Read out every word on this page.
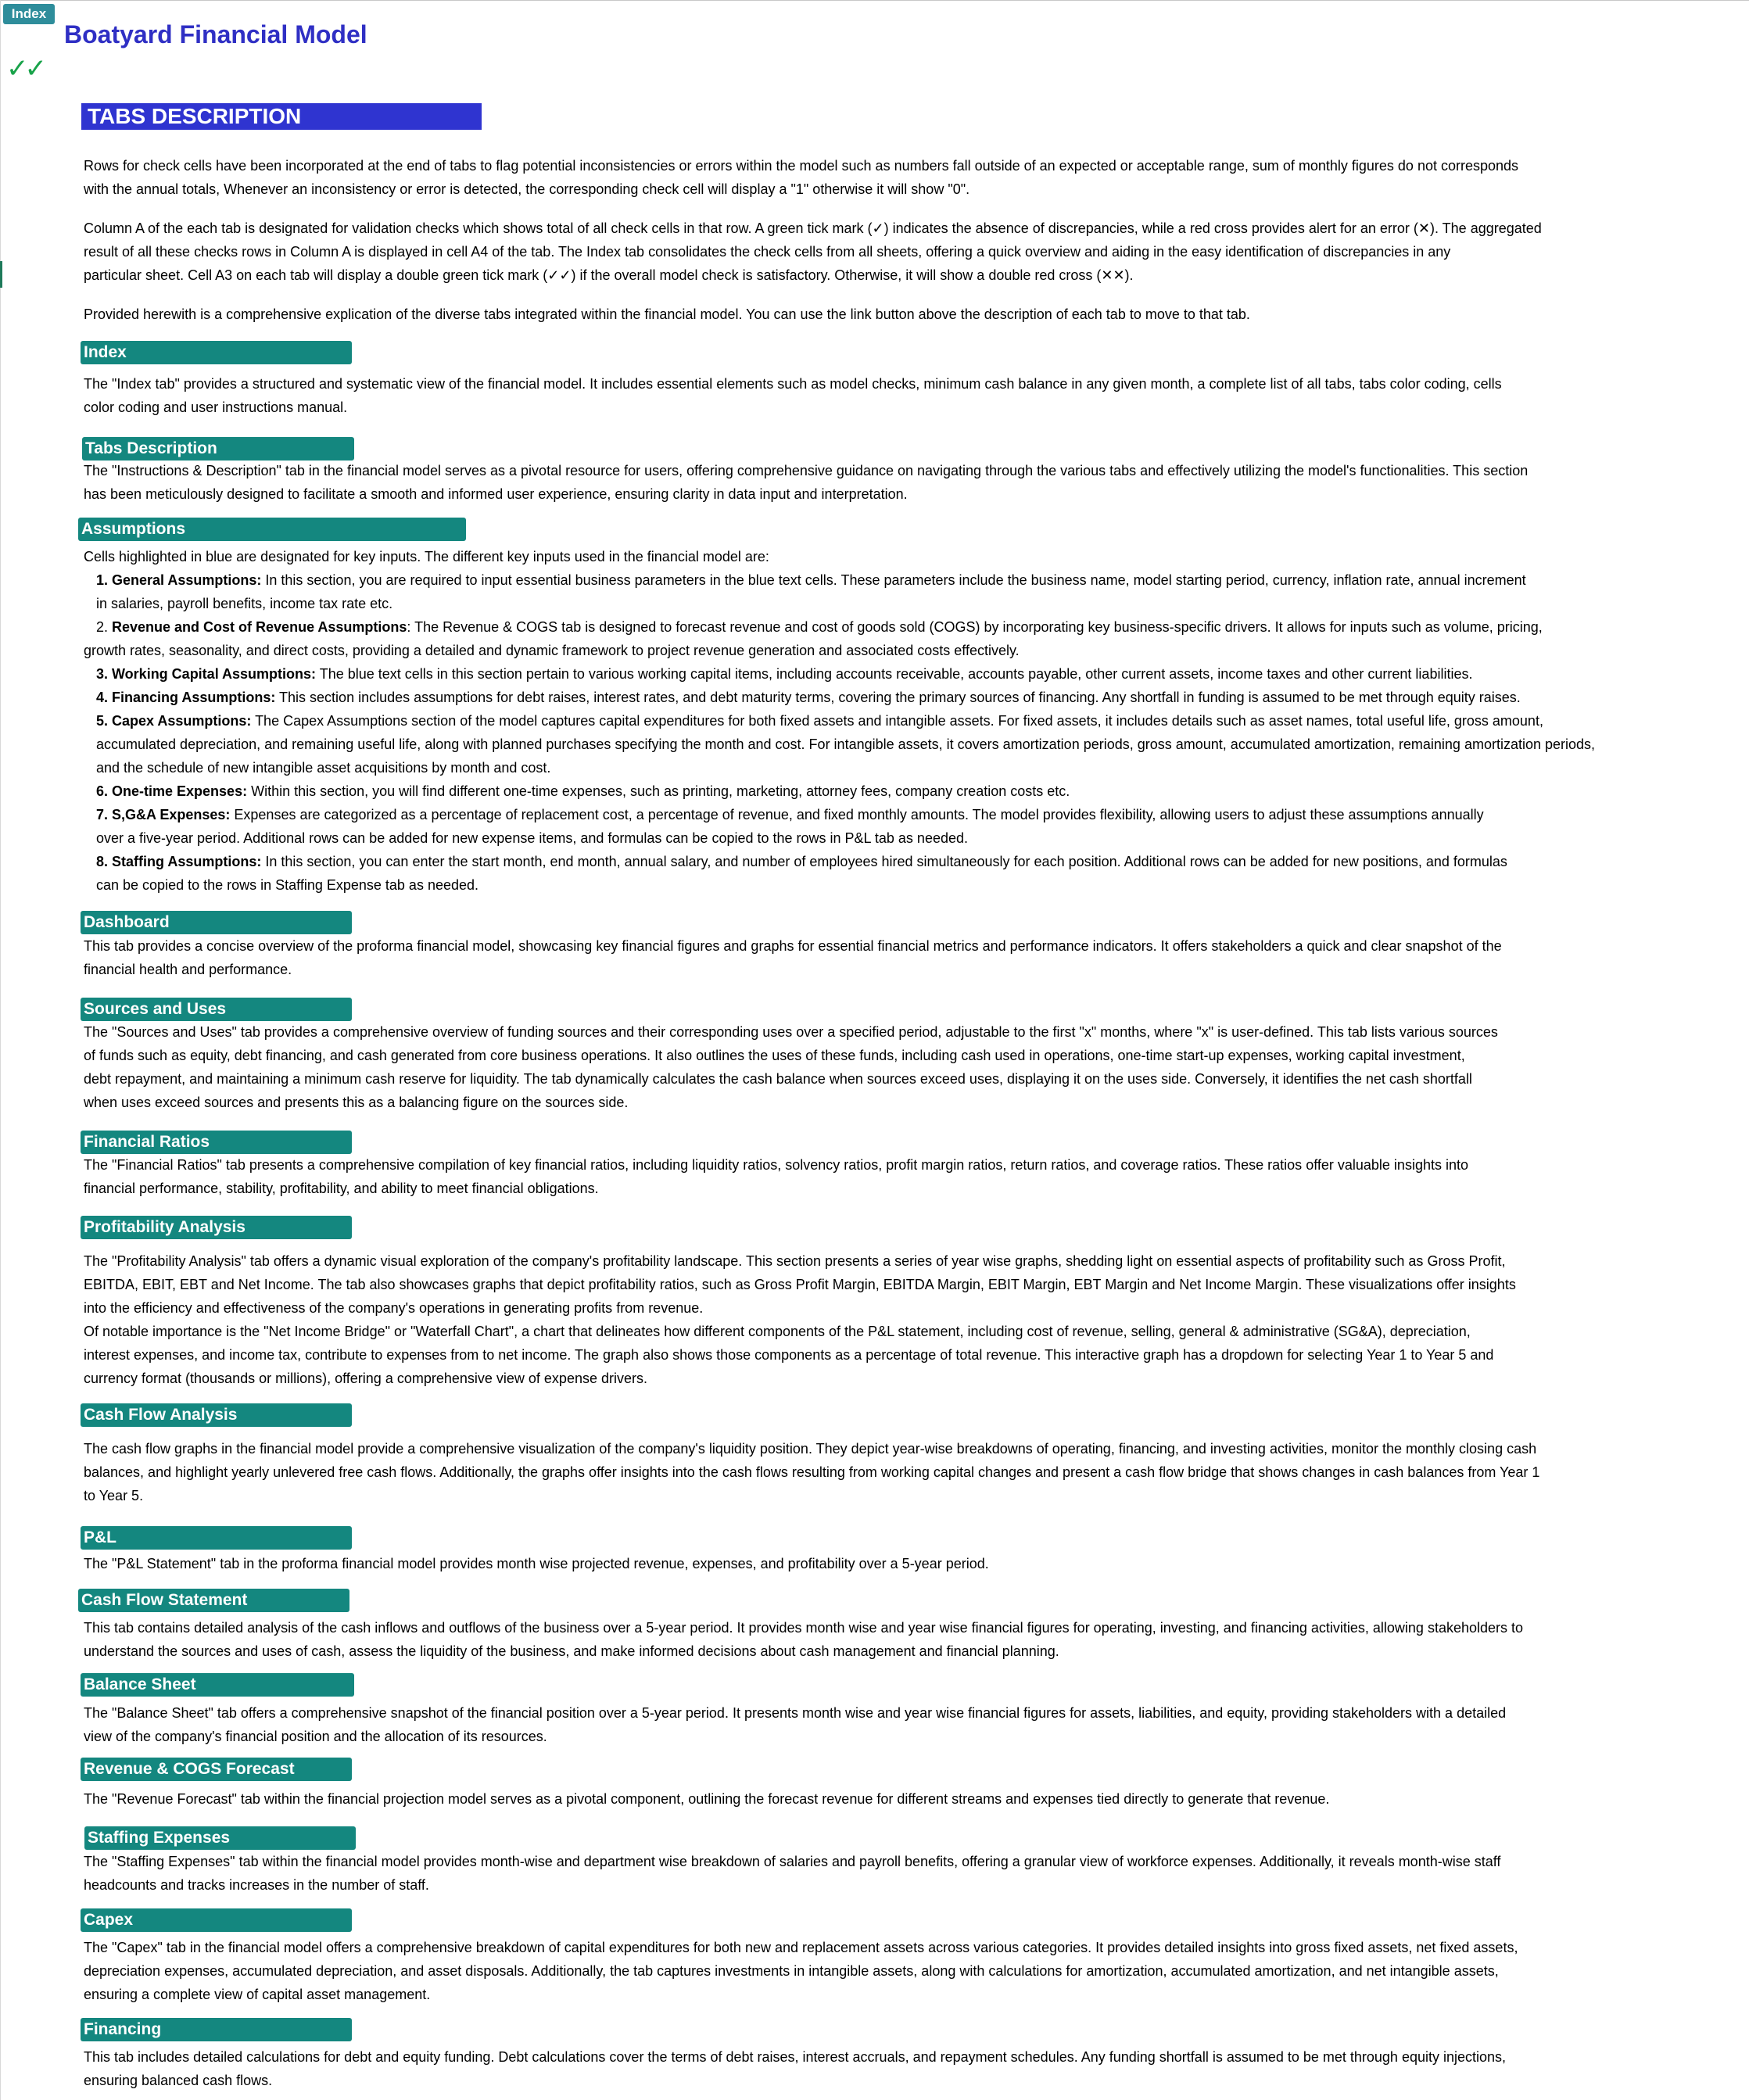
Index
Boatyard Financial Model
✓✓
TABS DESCRIPTION
Rows for check cells have been incorporated at the end of tabs to flag potential inconsistencies or errors within the model such as numbers fall outside of an expected or acceptable range, sum of monthly figures do not corresponds
with the annual totals, Whenever an inconsistency or error is detected, the corresponding check cell will display a "1" otherwise it will show "0".
Column A of the each tab is designated for validation checks which shows total of all check cells in that row. A green tick mark (✓) indicates the absence of discrepancies, while a red cross provides alert for an error (✕). The aggregated
result of all these checks rows in Column A is displayed in cell A4 of the tab. The Index tab consolidates the check cells from all sheets, offering a quick overview and aiding in the easy identification of discrepancies in any
particular sheet. Cell A3 on each tab will display a double green tick mark (✓✓) if the overall model check is satisfactory. Otherwise, it will show a double red cross (✕✕).
Provided herewith is a comprehensive explication of the diverse tabs integrated within the financial model. You can use the link button above the description of each tab to move to that tab.
Index
The "Index tab" provides a structured and systematic view of the financial model. It includes essential elements such as model checks, minimum cash balance in any given month, a complete list of all tabs, tabs color coding, cells
color coding and user instructions manual.
Tabs Description
The "Instructions & Description" tab in the financial model serves as a pivotal resource for users, offering comprehensive guidance on navigating through the various tabs and effectively utilizing the model's functionalities. This section
has been meticulously designed to facilitate a smooth and informed user experience, ensuring clarity in data input and interpretation.
Assumptions
Cells highlighted in blue are designated for key inputs. The different key inputs used in the financial model are:
1. General Assumptions: In this section, you are required to input essential business parameters in the blue text cells. These parameters include the business name, model starting period, currency, inflation rate, annual increment
in salaries, payroll benefits, income tax rate etc.
2. Revenue and Cost of Revenue Assumptions: The Revenue & COGS tab is designed to forecast revenue and cost of goods sold (COGS) by incorporating key business-specific drivers. It allows for inputs such as volume, pricing,
growth rates, seasonality, and direct costs, providing a detailed and dynamic framework to project revenue generation and associated costs effectively.
3. Working Capital Assumptions: The blue text cells in this section pertain to various working capital items, including accounts receivable, accounts payable, other current assets, income taxes and other current liabilities.
4. Financing Assumptions: This section includes assumptions for debt raises, interest rates, and debt maturity terms, covering the primary sources of financing. Any shortfall in funding is assumed to be met through equity raises.
5. Capex Assumptions: The Capex Assumptions section of the model captures capital expenditures for both fixed assets and intangible assets. For fixed assets, it includes details such as asset names, total useful life, gross amount,
accumulated depreciation, and remaining useful life, along with planned purchases specifying the month and cost. For intangible assets, it covers amortization periods, gross amount, accumulated amortization, remaining amortization periods,
and the schedule of new intangible asset acquisitions by month and cost.
6. One-time Expenses: Within this section, you will find different one-time expenses, such as printing, marketing, attorney fees, company creation costs etc.
7. S,G&A Expenses: Expenses are categorized as a percentage of replacement cost, a percentage of revenue, and fixed monthly amounts. The model provides flexibility, allowing users to adjust these assumptions annually
over a five-year period. Additional rows can be added for new expense items, and formulas can be copied to the rows in P&L tab as needed.
8. Staffing Assumptions: In this section, you can enter the start month, end month, annual salary, and number of employees hired simultaneously for each position. Additional rows can be added for new positions, and formulas
can be copied to the rows in Staffing Expense tab as needed.
Dashboard
This tab provides a concise overview of the proforma financial model, showcasing key financial figures and graphs for essential financial metrics and performance indicators. It offers stakeholders a quick and clear snapshot of the
financial health and performance.
Sources and Uses
The "Sources and Uses" tab provides a comprehensive overview of funding sources and their corresponding uses over a specified period, adjustable to the first "x" months, where "x" is user-defined. This tab lists various sources
of funds such as equity, debt financing, and cash generated from core business operations. It also outlines the uses of these funds, including cash used in operations, one-time start-up expenses, working capital investment,
debt repayment, and maintaining a minimum cash reserve for liquidity. The tab dynamically calculates the cash balance when sources exceed uses, displaying it on the uses side. Conversely, it identifies the net cash shortfall
when uses exceed sources and presents this as a balancing figure on the sources side.
Financial Ratios
The "Financial Ratios" tab presents a comprehensive compilation of key financial ratios, including liquidity ratios, solvency ratios, profit margin ratios, return ratios, and coverage ratios. These ratios offer valuable insights into
financial performance, stability, profitability, and ability to meet financial obligations.
Profitability Analysis
The "Profitability Analysis" tab offers a dynamic visual exploration of the company's profitability landscape. This section presents a series of year wise graphs, shedding light on essential aspects of profitability such as Gross Profit,
EBITDA, EBIT, EBT and Net Income. The tab also showcases graphs that depict profitability ratios, such as Gross Profit Margin, EBITDA Margin, EBIT Margin, EBT Margin and Net Income Margin. These visualizations offer insights
into the efficiency and effectiveness of the company's operations in generating profits from revenue.
Of notable importance is the "Net Income Bridge" or "Waterfall Chart", a chart that delineates how different components of the P&L statement, including cost of revenue, selling, general & administrative (SG&A), depreciation,
interest expenses, and income tax, contribute to expenses from to net income. The graph also shows those components as a percentage of total revenue. This interactive graph has a dropdown for selecting Year 1 to Year 5 and
currency format (thousands or millions), offering a comprehensive view of expense drivers.
Cash Flow Analysis
The cash flow graphs in the financial model provide a comprehensive visualization of the company's liquidity position. They depict year-wise breakdowns of operating, financing, and investing activities, monitor the monthly closing cash
balances, and highlight yearly unlevered free cash flows. Additionally, the graphs offer insights into the cash flows resulting from working capital changes and present a cash flow bridge that shows changes in cash balances from Year 1
to Year 5.
P&L
The "P&L Statement" tab in the proforma financial model provides month wise projected revenue, expenses, and profitability over a 5-year period.
Cash Flow Statement
This tab contains detailed analysis of the cash inflows and outflows of the business over a 5-year period. It provides month wise and year wise financial figures for operating, investing, and financing activities, allowing stakeholders to
understand the sources and uses of cash, assess the liquidity of the business, and make informed decisions about cash management and financial planning.
Balance Sheet
The "Balance Sheet" tab offers a comprehensive snapshot of the financial position over a 5-year period. It presents month wise and year wise financial figures for assets, liabilities, and equity, providing stakeholders with a detailed
view of the company's financial position and the allocation of its resources.
Revenue & COGS Forecast
The "Revenue Forecast" tab within the financial projection model serves as a pivotal component, outlining the forecast revenue for different streams and expenses tied directly to generate that revenue.
Staffing Expenses
The "Staffing Expenses" tab within the financial model provides month-wise and department wise breakdown of salaries and payroll benefits, offering a granular view of workforce expenses. Additionally, it reveals month-wise staff
headcounts and tracks increases in the number of staff.
Capex
The "Capex" tab in the financial model offers a comprehensive breakdown of capital expenditures for both new and replacement assets across various categories. It provides detailed insights into gross fixed assets, net fixed assets,
depreciation expenses, accumulated depreciation, and asset disposals. Additionally, the tab captures investments in intangible assets, along with calculations for amortization, accumulated amortization, and net intangible assets,
ensuring a complete view of capital asset management.
Financing
This tab includes detailed calculations for debt and equity funding. Debt calculations cover the terms of debt raises, interest accruals, and repayment schedules. Any funding shortfall is assumed to be met through equity injections,
ensuring balanced cash flows.
